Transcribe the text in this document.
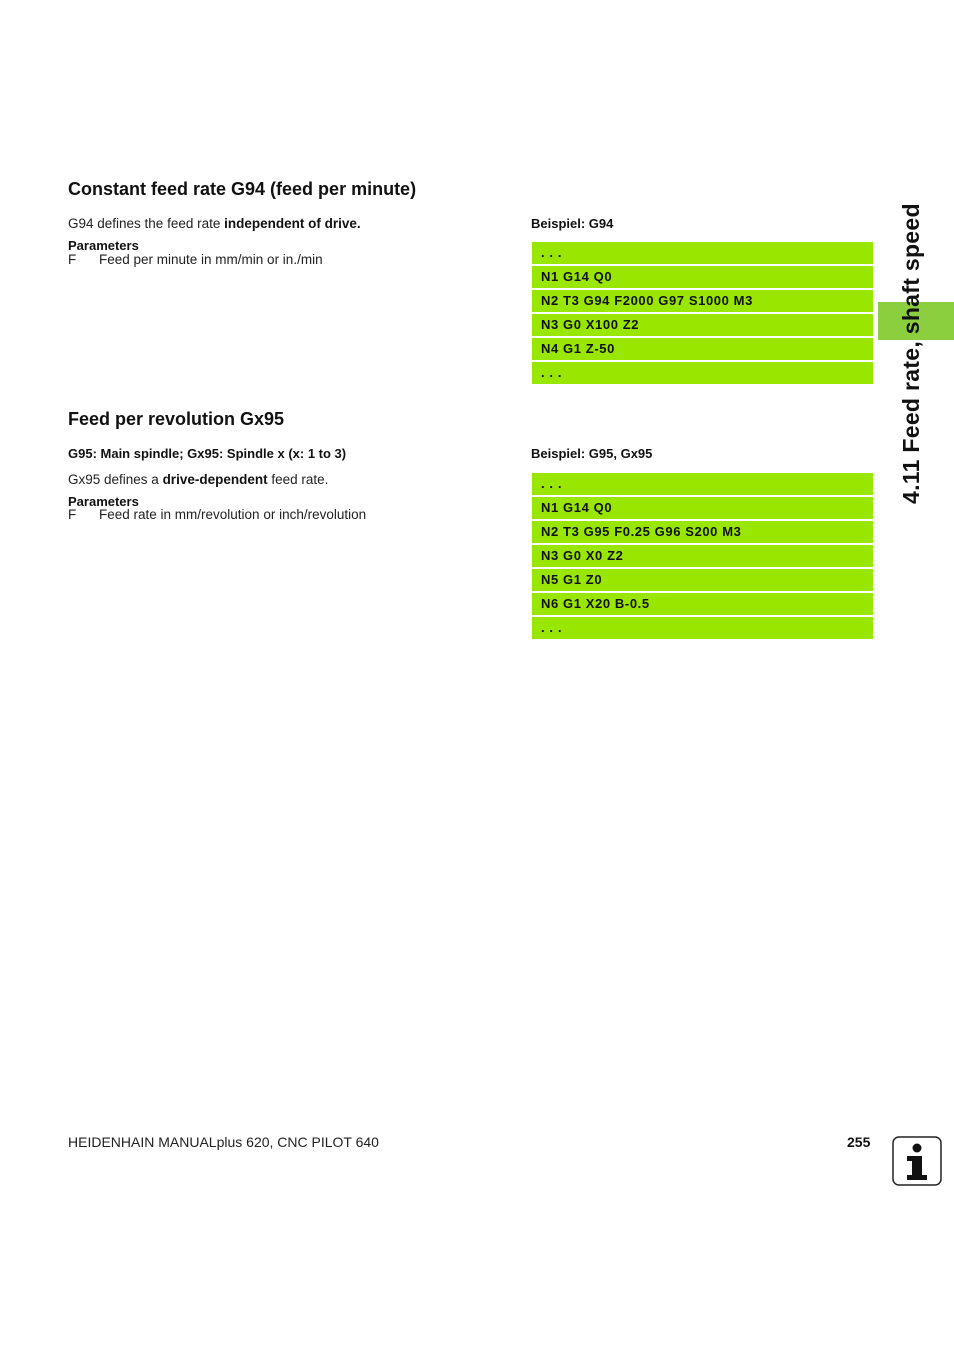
4.11 Feed rate, shaft speed
Constant feed rate G94 (feed per minute)
G94 defines the feed rate independent of drive.
Parameters
F Feed per minute in mm/min or in./min
Beispiel: G94
. . .
N1 G14 Q0
N2 T3 G94 F2000 G97 S1000 M3
N3 G0 X100 Z2
N4 G1 Z-50
. . .
Feed per revolution Gx95
G95: Main spindle; Gx95: Spindle x (x: 1 to 3)
Gx95 defines a drive-dependent feed rate.
Parameters
F Feed rate in mm/revolution or inch/revolution
Beispiel: G95, Gx95
. . .
N1 G14 Q0
N2 T3 G95 F0.25 G96 S200 M3
N3 G0 X0 Z2
N5 G1 Z0
N6 G1 X20 B-0.5
. . .
HEIDENHAIN MANUALplus 620, CNC PILOT 640	255
